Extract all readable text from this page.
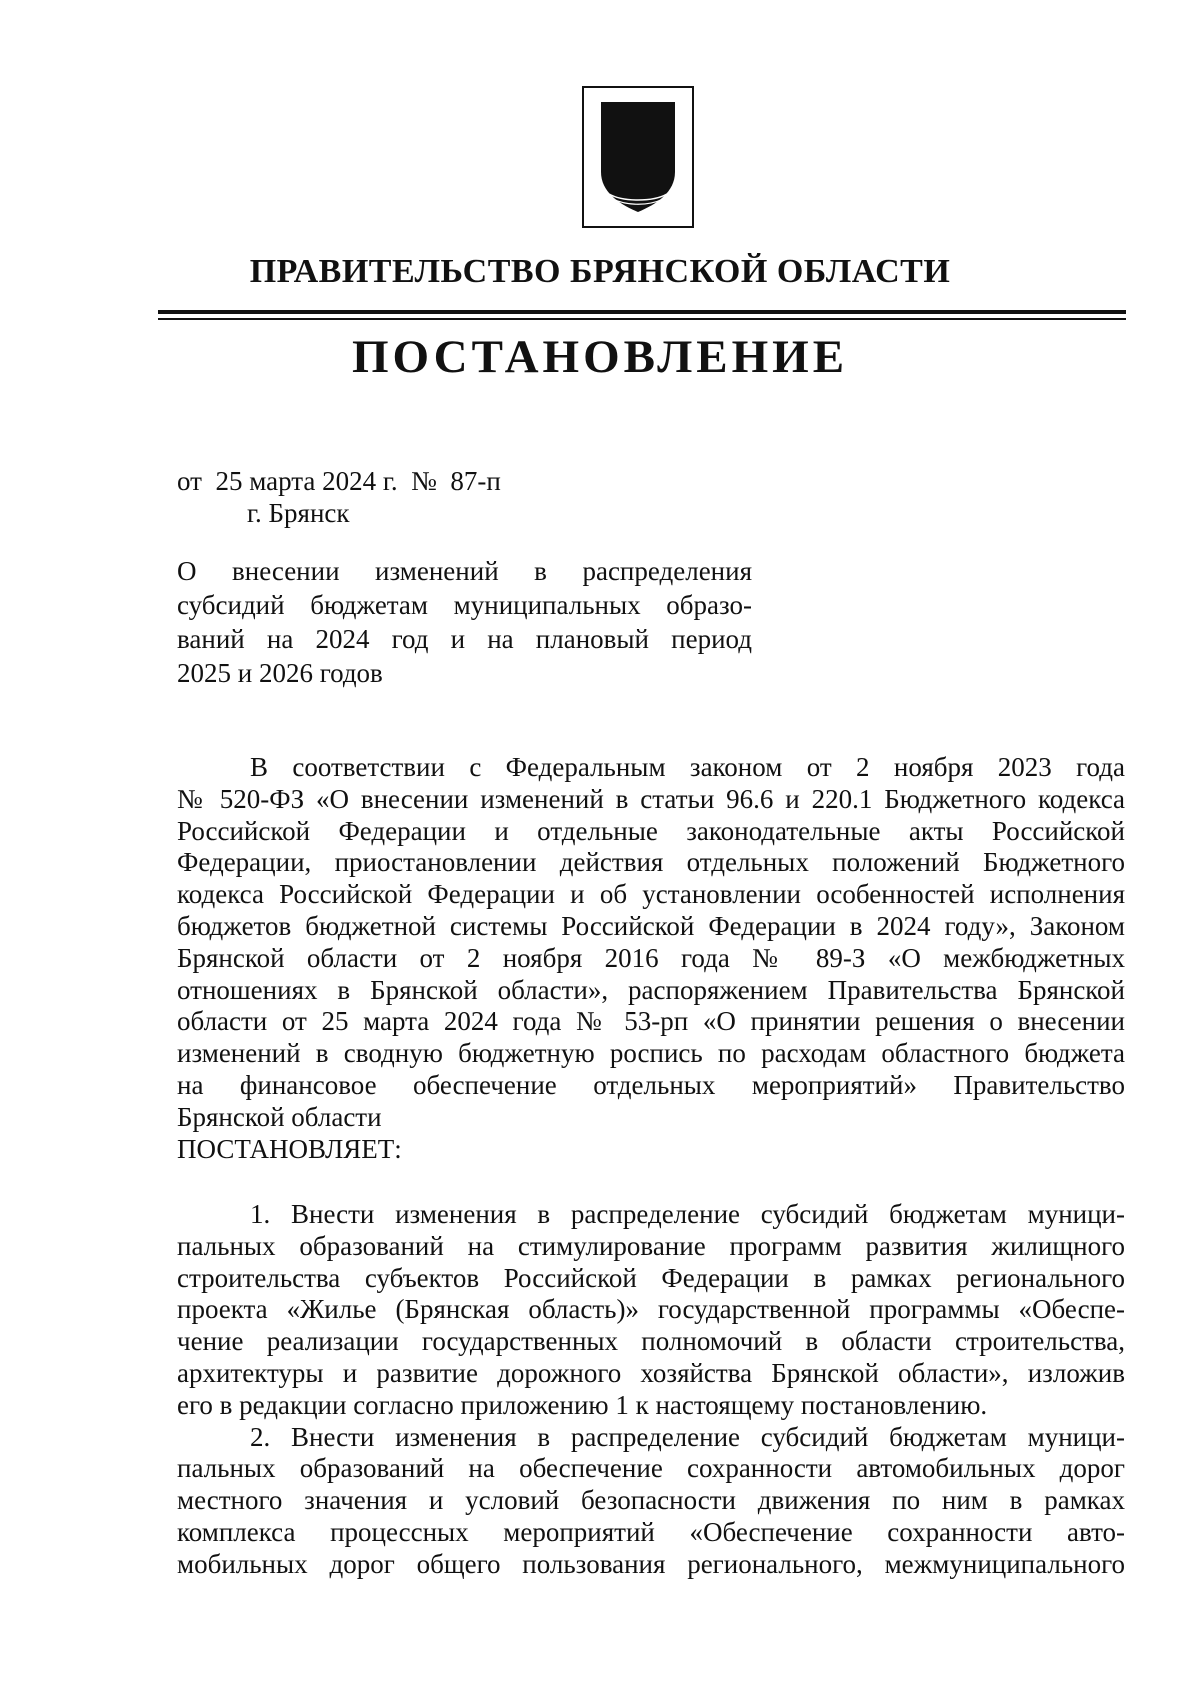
ПРАВИТЕЛЬСТВО БРЯНСКОЙ ОБЛАСТИ
ПОСТАНОВЛЕНИЕ
от  25 марта 2024 г.  №  87-п
г. Брянск
О внесении изменений в распределения
субсидий бюджетам муниципальных образо-
ваний на 2024 год и на плановый период
2025 и 2026 годов
В соответствии с Федеральным законом от 2 ноября 2023 года
№ 520-ФЗ «О внесении изменений в статьи 96.6 и 220.1 Бюджетного кодекса
Российской Федерации и отдельные законодательные акты Российской
Федерации, приостановлении действия отдельных положений Бюджетного
кодекса Российской Федерации и об установлении особенностей исполнения
бюджетов бюджетной системы Российской Федерации в 2024 году», Законом
Брянской области от 2 ноября 2016 года № 89-З «О межбюджетных
отношениях в Брянской области», распоряжением Правительства Брянской
области от 25 марта 2024 года № 53-рп «О принятии решения о внесении
изменений в сводную бюджетную роспись по расходам областного бюджета
на финансовое обеспечение отдельных мероприятий» Правительство
Брянской области
ПОСТАНОВЛЯЕТ:
1. Внести изменения в распределение субсидий бюджетам муници-
пальных образований на стимулирование программ развития жилищного
строительства субъектов Российской Федерации в рамках регионального
проекта «Жилье (Брянская область)» государственной программы «Обеспе-
чение реализации государственных полномочий в области строительства,
архитектуры и развитие дорожного хозяйства Брянской области», изложив
его в редакции согласно приложению 1 к настоящему постановлению.
2. Внести изменения в распределение субсидий бюджетам муници-
пальных образований на обеспечение сохранности автомобильных дорог
местного значения и условий безопасности движения по ним в рамках
комплекса процессных мероприятий «Обеспечение сохранности авто-
мобильных дорог общего пользования регионального, межмуниципального
